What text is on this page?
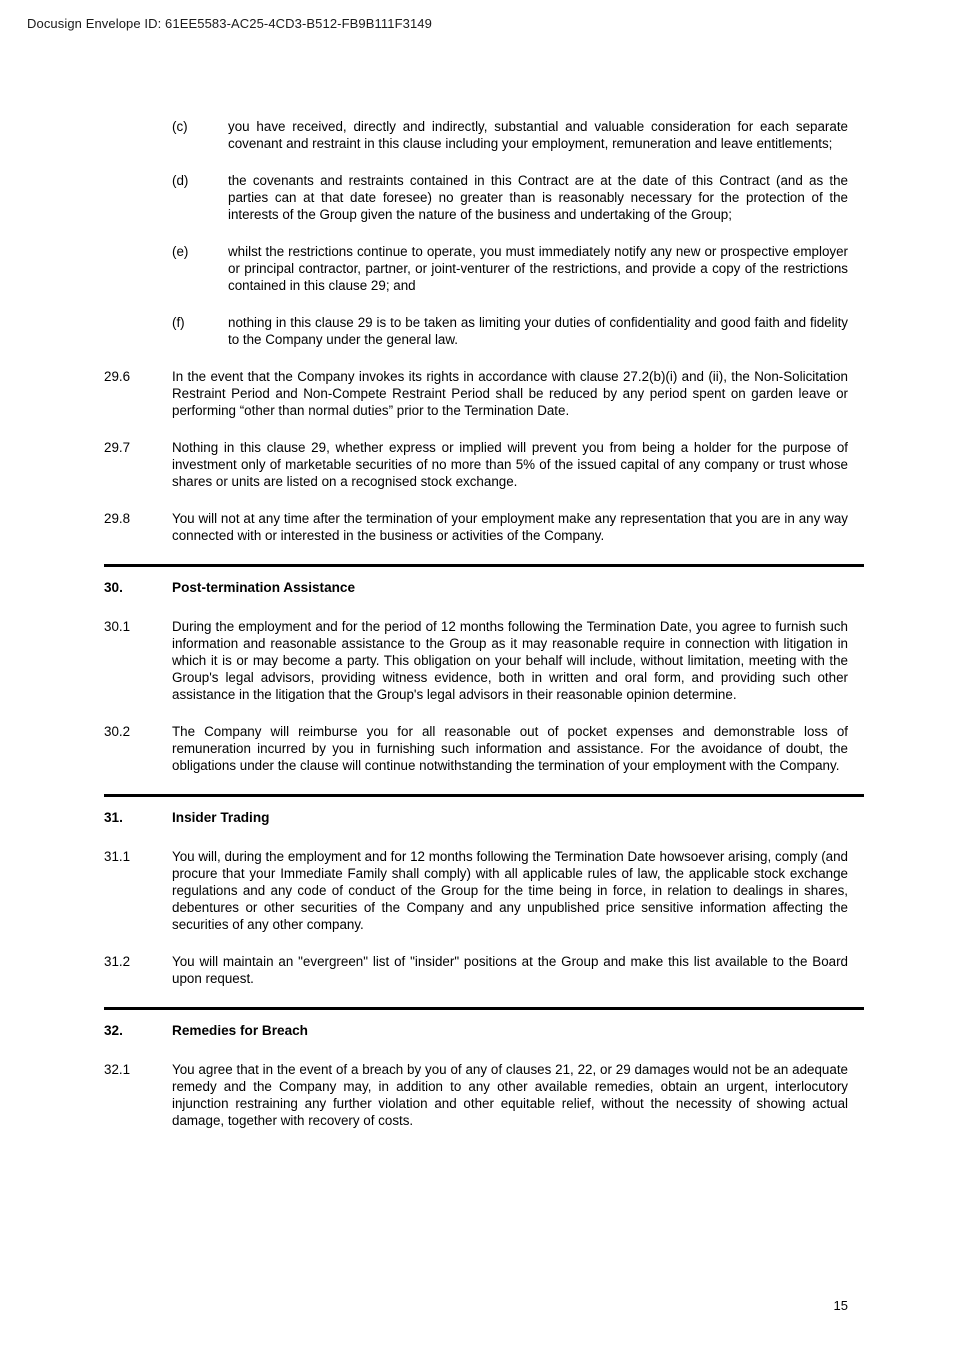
Docusign Envelope ID: 61EE5583-AC25-4CD3-B512-FB9B111F3149
(c)	you have received, directly and indirectly, substantial and valuable consideration for each separate covenant and restraint in this clause including your employment, remuneration and leave entitlements;

(d)	the covenants and restraints contained in this Contract are at the date of this Contract (and as the parties can at that date foresee) no greater than is reasonably necessary for the protection of the interests of the Group given the nature of the business and undertaking of the Group;

(e)	whilst the restrictions continue to operate, you must immediately notify any new or prospective employer or principal contractor, partner, or joint-venturer of the restrictions, and provide a copy of the restrictions contained in this clause 29; and

(f)	nothing in this clause 29 is to be taken as limiting your duties of confidentiality and good faith and fidelity to the Company under the general law.

29.6	In the event that the Company invokes its rights in accordance with clause 27.2(b)(i) and (ii), the Non-Solicitation Restraint Period and Non-Compete Restraint Period shall be reduced by any period spent on garden leave or performing “other than normal duties” prior to the Termination Date.

29.7	Nothing in this clause 29, whether express or implied will prevent you from being a holder for the purpose of investment only of marketable securities of no more than 5% of the issued capital of any company or trust whose shares or units are listed on a recognised stock exchange.

29.8	You will not at any time after the termination of your employment make any representation that you are in any way connected with or interested in the business or activities of the Company.

30.	Post-termination Assistance
30.1	During the employment and for the period of 12 months following the Termination Date, you agree to furnish such information and reasonable assistance to the Group as it may reasonable require in connection with litigation in which it is or may become a party. This obligation on your behalf will include, without limitation, meeting with the Group's legal advisors, providing witness evidence, both in written and oral form, and providing such other assistance in the litigation that the Group's legal advisors in their reasonable opinion determine.

30.2	The Company will reimburse you for all reasonable out of pocket expenses and demonstrable loss of remuneration incurred by you in furnishing such information and assistance. For the avoidance of doubt, the obligations under the clause will continue notwithstanding the termination of your employment with the Company.

31.	Insider Trading
31.1	You will, during the employment and for 12 months following the Termination Date howsoever arising, comply (and procure that your Immediate Family shall comply) with all applicable rules of law, the applicable stock exchange regulations and any code of conduct of the Group for the time being in force, in relation to dealings in shares, debentures or other securities of the Company and any unpublished price sensitive information affecting the securities of any other company.

31.2	You will maintain an "evergreen" list of "insider" positions at the Group and make this list available to the Board upon request.

32.	Remedies for Breach
32.1	You agree that in the event of a breach by you of any of clauses 21, 22, or 29 damages would not be an adequate remedy and the Company may, in addition to any other available remedies, obtain an urgent, interlocutory injunction restraining any further violation and other equitable relief, without the necessity of showing actual damage, together with recovery of costs.

15
